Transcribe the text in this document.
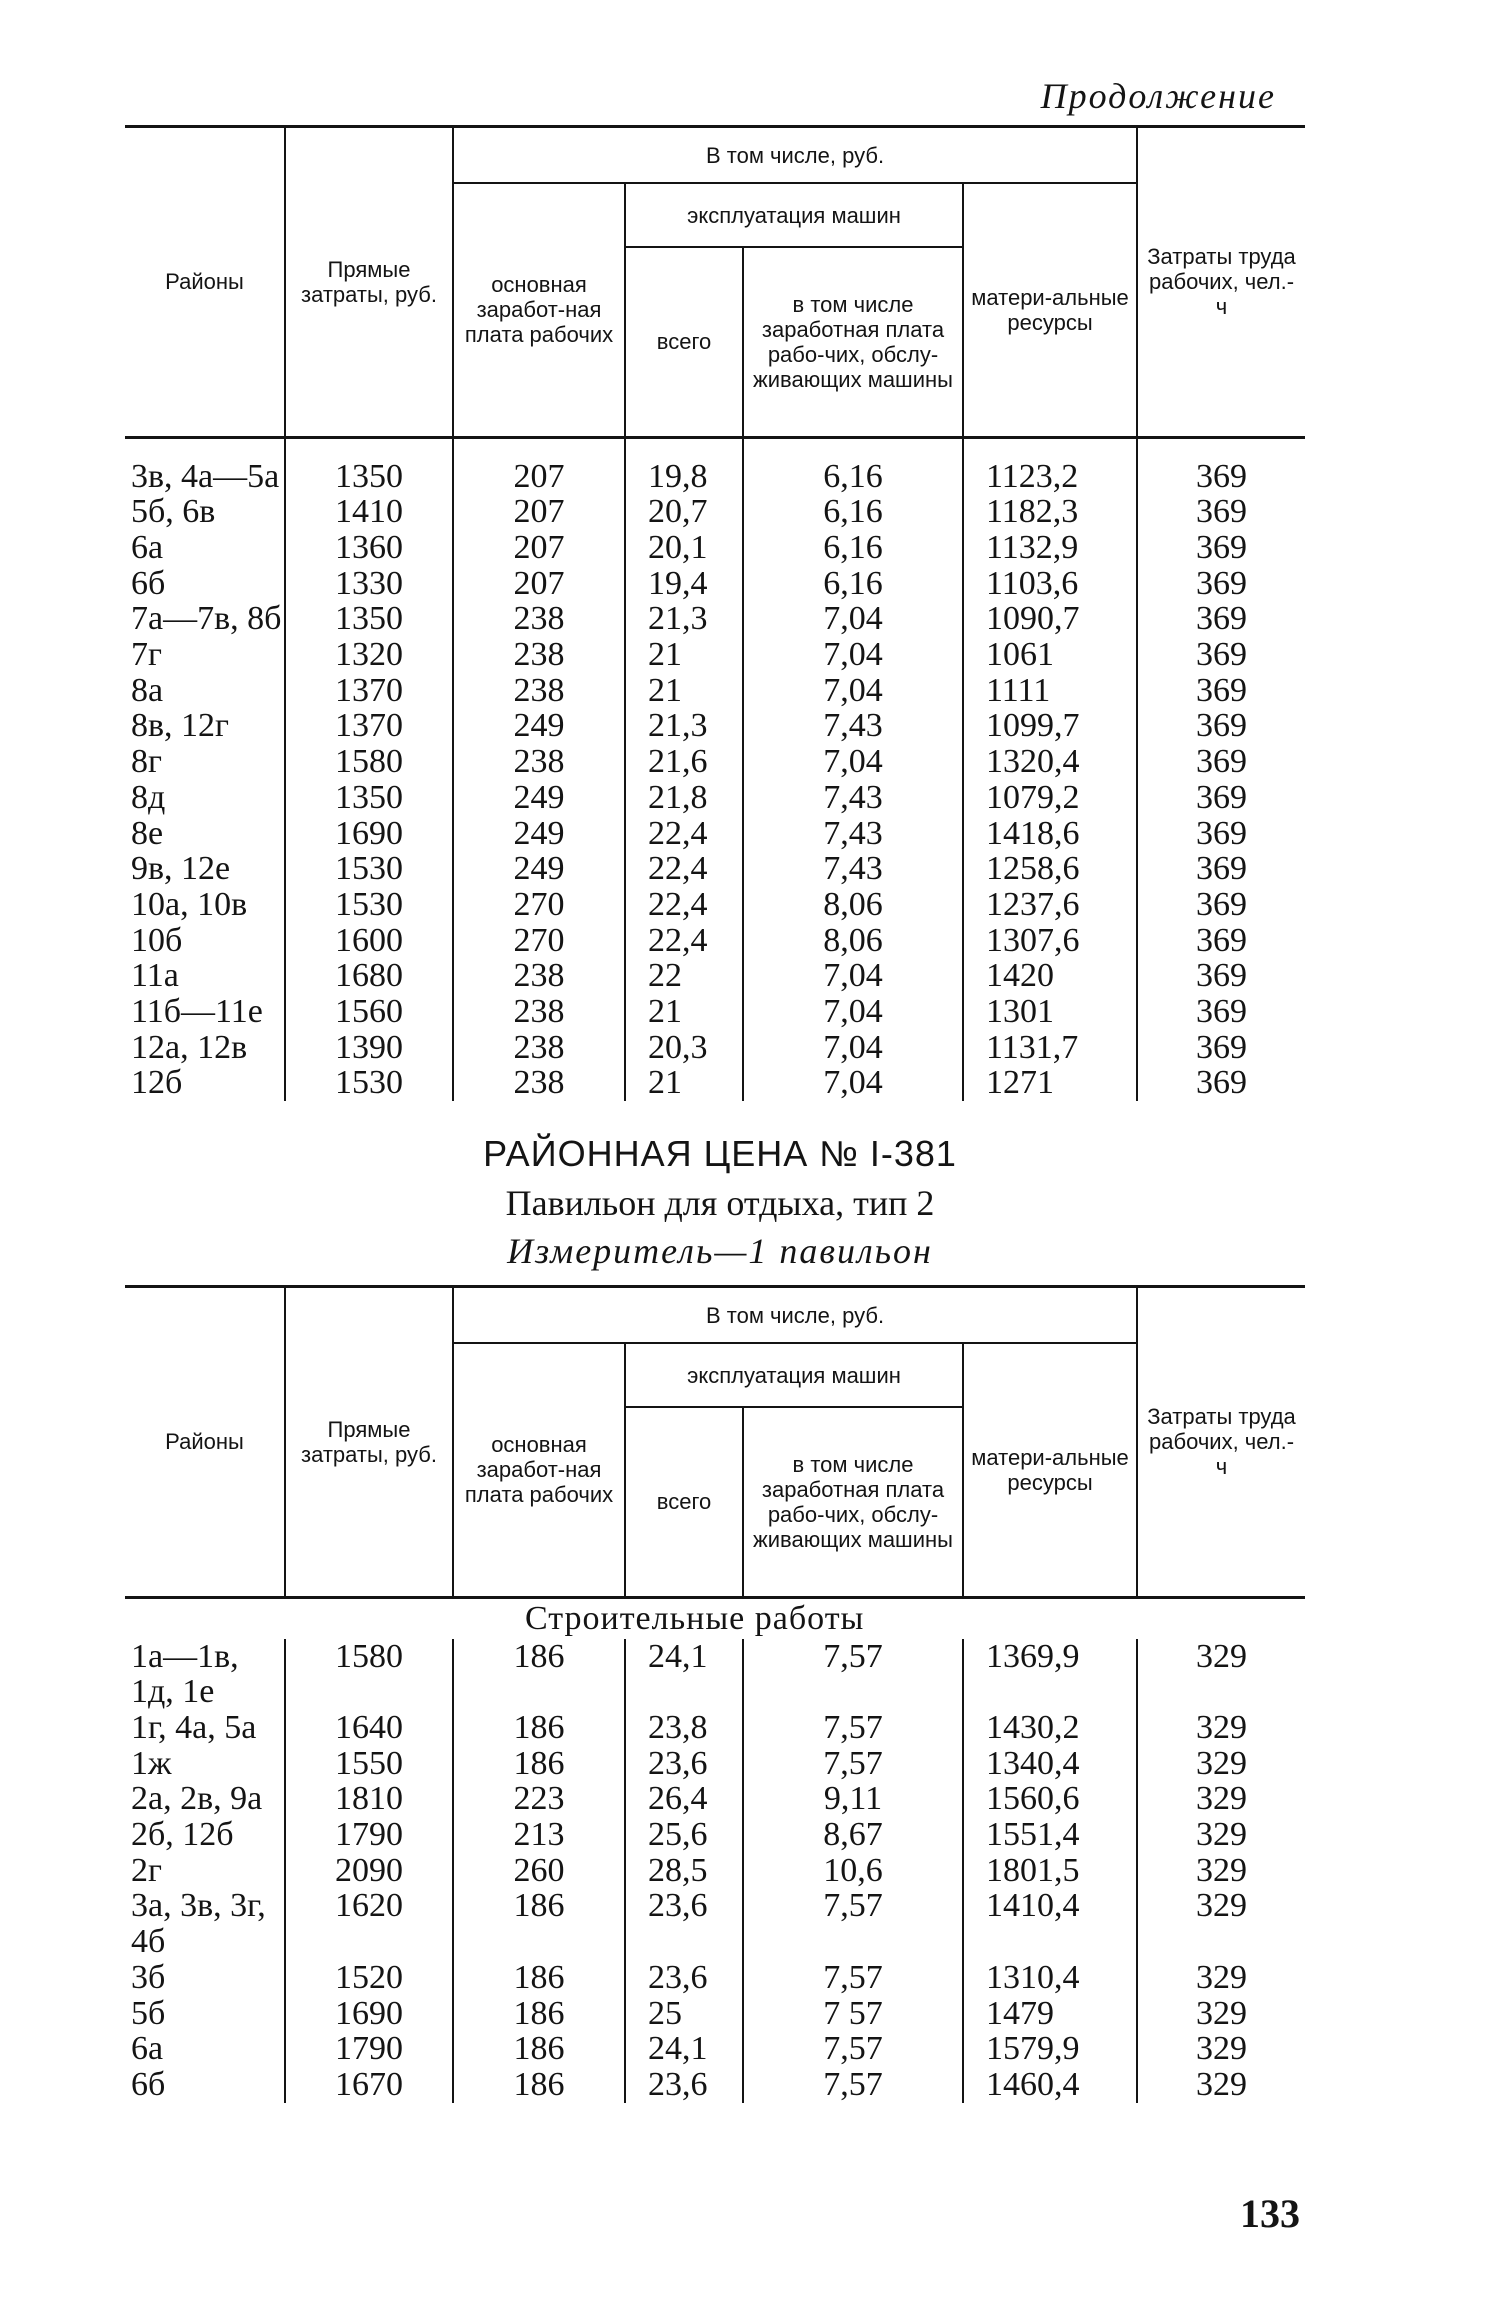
Продолжение
Районы	Прямые затраты, руб.	В том числе, руб.				Затраты труда рабочих, чел.-ч
		основная заработ-ная плата рабочих	эксплуатация машин		матери-альные ресурсы	
			всего	в том числе заработная плата рабо-чих, обслу-живающих машины		

3в, 4а—5а	1350	207	19,8	6,16	1123,2	369
5б, 6в	1410	207	20,7	6,16	1182,3	369
6а	1360	207	20,1	6,16	1132,9	369
6б	1330	207	19,4	6,16	1103,6	369
7а—7в, 8б	1350	238	21,3	7,04	1090,7	369
7г	1320	238	21	7,04	1061	369
8а	1370	238	21	7,04	1111	369
8в, 12г	1370	249	21,3	7,43	1099,7	369
8г	1580	238	21,6	7,04	1320,4	369
8д	1350	249	21,8	7,43	1079,2	369
8е	1690	249	22,4	7,43	1418,6	369
9в, 12е	1530	249	22,4	7,43	1258,6	369
10а, 10в	1530	270	22,4	8,06	1237,6	369
10б	1600	270	22,4	8,06	1307,6	369
11а	1680	238	22	7,04	1420	369
11б—11е	1560	238	21	7,04	1301	369
12а, 12в	1390	238	20,3	7,04	1131,7	369
12б	1530	238	21	7,04	1271	369
РАЙОННАЯ ЦЕНА № I-381
Павильон для отдыха, тип 2
Измеритель—1 павильон
Районы	Прямые затраты, руб.	В том числе, руб.				Затраты труда рабочих, чел.-ч
		основная заработ-ная плата рабочих	эксплуатация машин		матери-альные ресурсы	
			всего	в том числе заработная плата рабо-чих, обслу-живающих машины		
Строительные работы						
1а—1в,	1580	186	24,1	7,57	1369,9	329
1д, 1е						
1г, 4а, 5а	1640	186	23,8	7,57	1430,2	329
1ж	1550	186	23,6	7,57	1340,4	329
2а, 2в, 9а	1810	223	26,4	9,11	1560,6	329
2б, 12б	1790	213	25,6	8,67	1551,4	329
2г	2090	260	28,5	10,6	1801,5	329
3а, 3в, 3г,	1620	186	23,6	7,57	1410,4	329
4б						
3б	1520	186	23,6	7,57	1310,4	329
5б	1690	186	25	7 57	1479	329
6а	1790	186	24,1	7,57	1579,9	329
6б	1670	186	23,6	7,57	1460,4	329
133
